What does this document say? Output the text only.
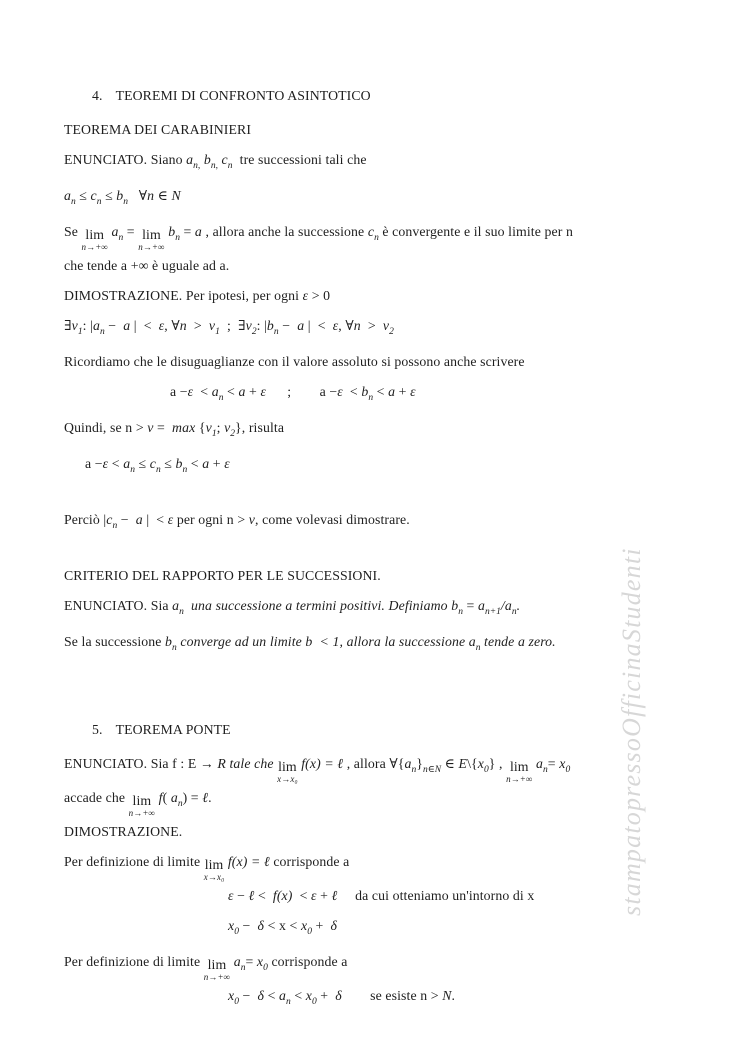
4. TEOREMI DI CONFRONTO ASINTOTICO
TEOREMA DEI CARABINIERI
ENUNCIATO. Siano $a_{n,}$ $b_{n,}$ $c_n$  tre successioni tali che
$a_n \le c_n \le b_n$   ∀n ∈ N
Se lim
n→+∞
$a_n = \lim$
n→+∞
$b_n = a$ , allora anche la successione $c_n$ è convergente e il suo limite per n
che tende a +∞ è uguale ad a.
DIMOSTRAZIONE. Per ipotesi, per ogni ε > 0
$\exists\nu_1$: $|a_n - a$ |  <  ε, ∀n  >  $\nu_1$  ;  $\exists\nu_2$: $|b_n - a$ |  <  ε, ∀n  >  $\nu_2$
Ricordiamo che le disuguaglianze con il valore assoluto si possono anche scrivere
$a -\varepsilon < a_n < a + \varepsilon$      ;        $a -\varepsilon < b_n < a + \varepsilon$
Quindi, se $n > \nu = \max \{\nu_1$; $\nu_2$}, risulta
$a -\varepsilon < a_n \le c_n \le b_n < a + \varepsilon$
Perciò $|c_n - a$ |  < ε per ogni n > ν, come volevasi dimostrare.
CRITERIO DEL RAPPORTO PER LE SUCCESSIONI.
ENUNCIATO. Sia $a_n$ una successione a termini positivi. Definiamo $b_n = a_{n+1}/a_n$.
Se la successione $b_n$ converge ad un limite b  < 1, allora la successione $a_n$ tende a zero.
5. TEOREMA PONTE
ENUNCIATO. Sia f : E → R tale che lim
x→x₀
f(x) = ℓ , allora $\forall\{a_n\}_{n\in N}$ ∈ $E\backslash\{x_0\}$ , lim
n→+∞
$a_n= x_0$
accade che lim
n→+∞
f( $a_n$) = ℓ.
DIMOSTRAZIONE.
Per definizione di limite lim
x→x₀
f(x) = ℓ corrisponde a
ε − ℓ <  f(x)  < ε + ℓ     da cui otteniamo un'intorno di x
$x_0 - \delta < x < x_0 + \delta$
Per definizione di limite lim
n→+∞
$a_n= x_0$ corrisponde a
$x_0 - \delta < a_n < x_0 + \delta$        se esiste n > N.
stampatopressoOfficinaStudenti
